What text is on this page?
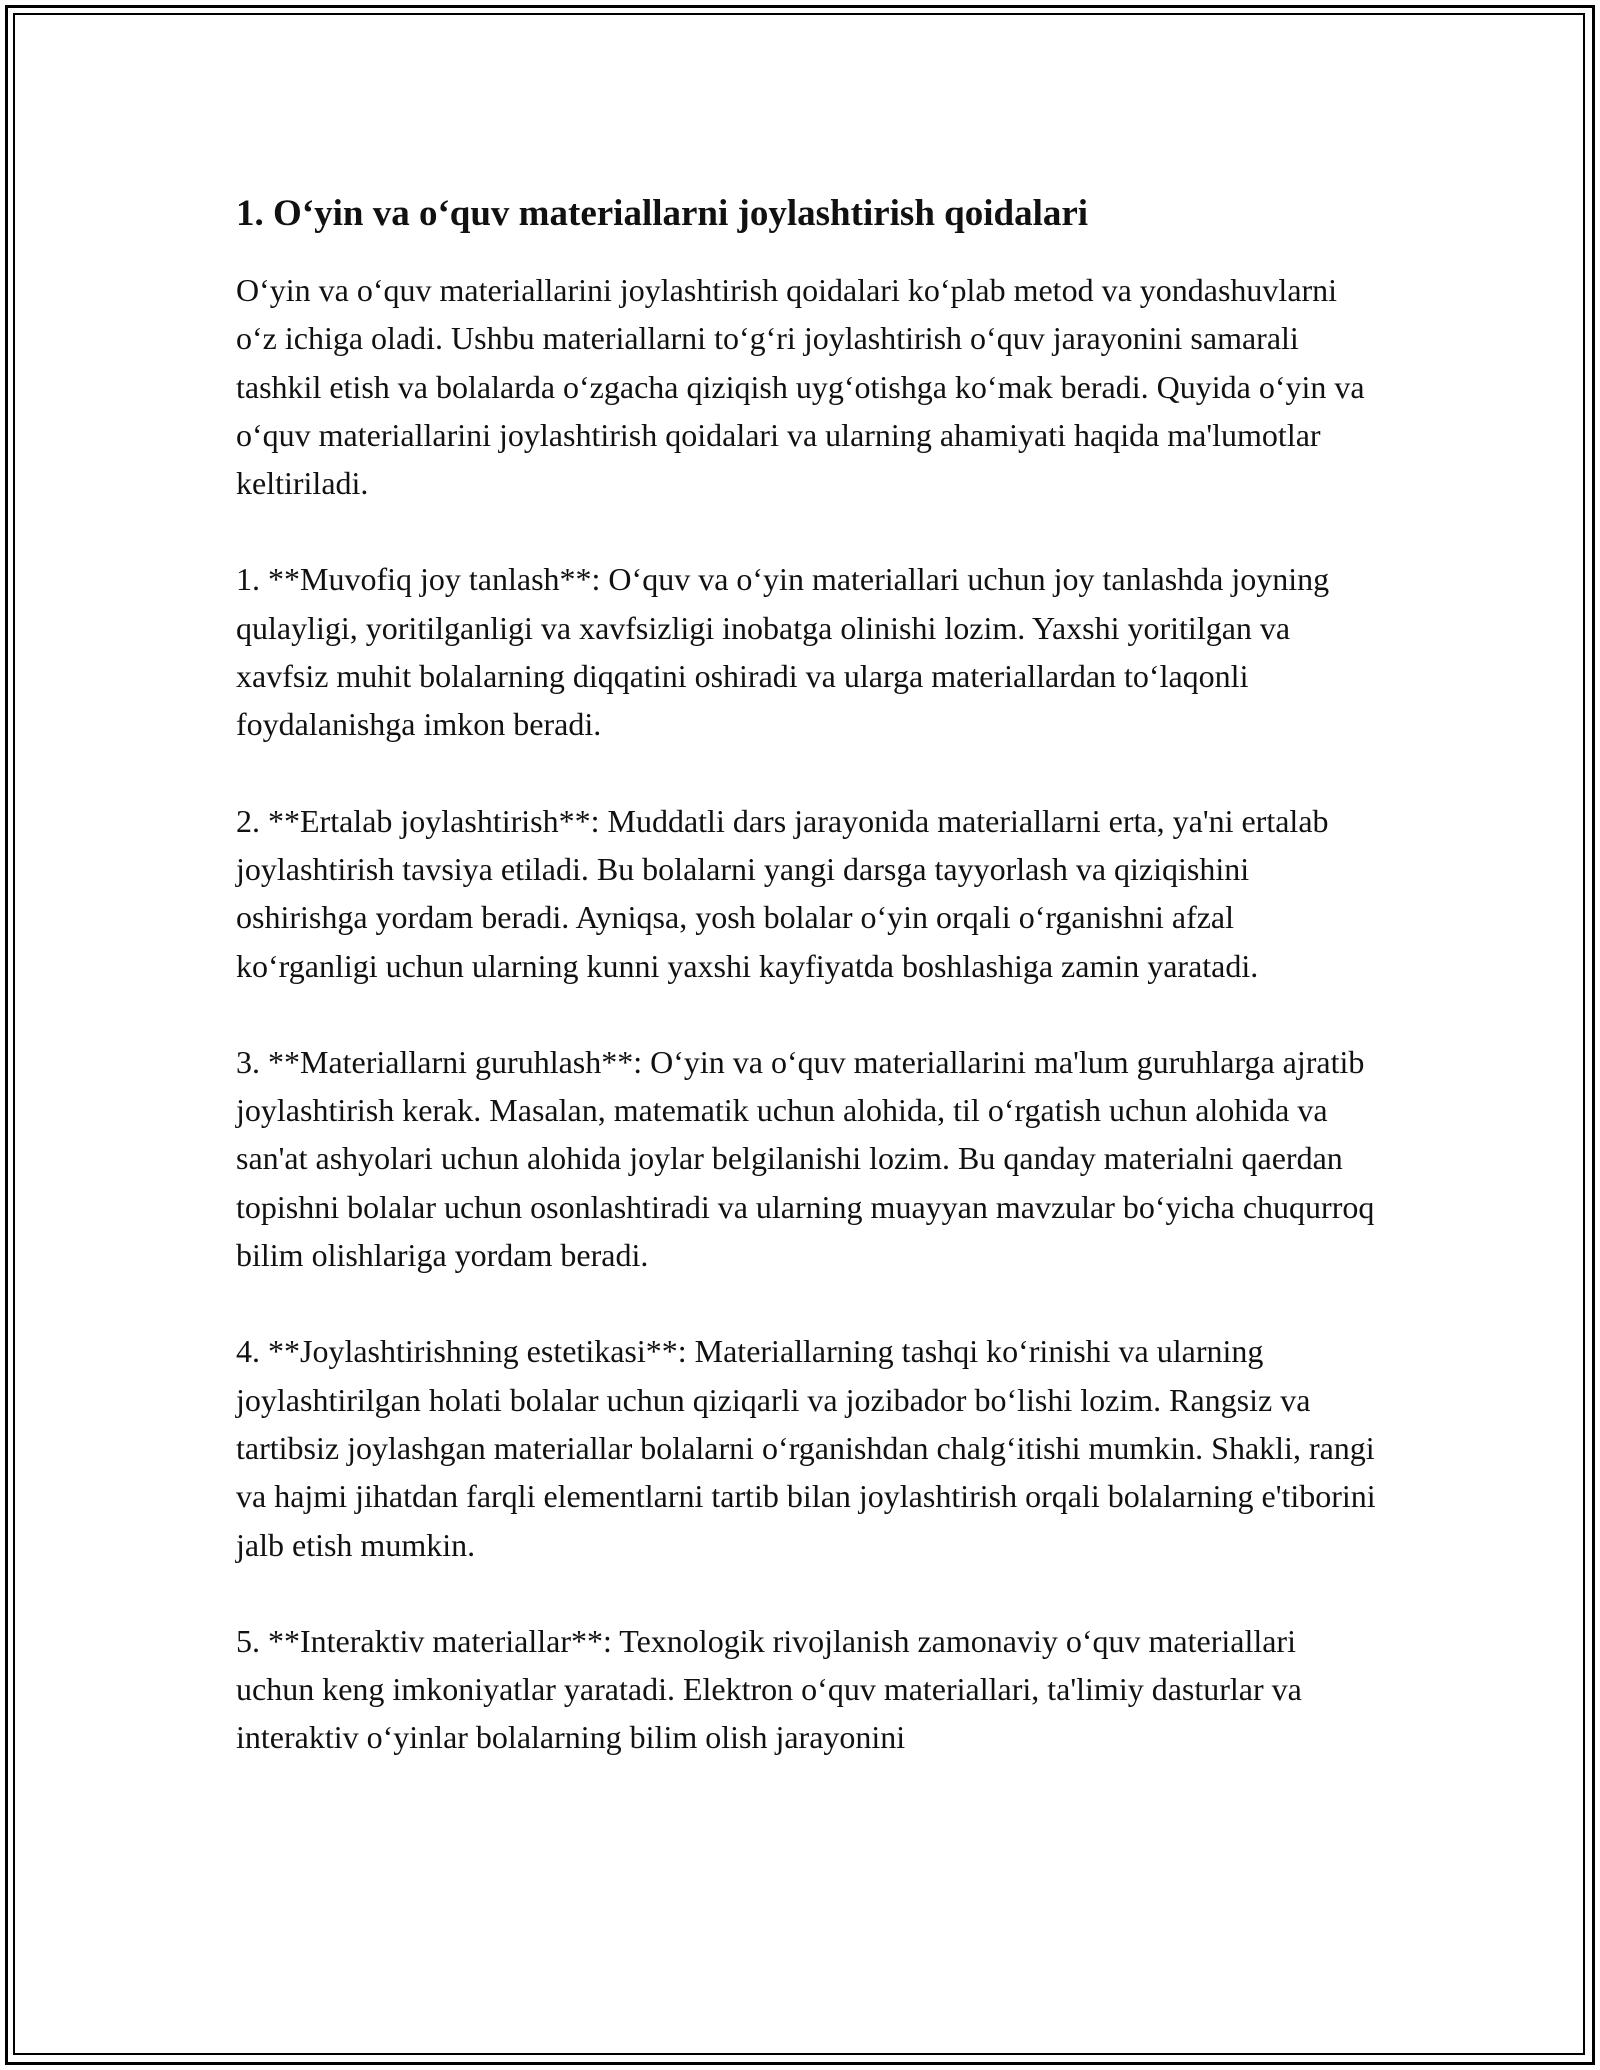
1. O‘yin va o‘quv materiallarni joylashtirish qoidalari

O‘yin va o‘quv materiallarini joylashtirish qoidalari ko‘plab metod va yondashuvlarni o‘z ichiga oladi. Ushbu materiallarni to‘g‘ri joylashtirish o‘quv jarayonini samarali tashkil etish va bolalarda o‘zgacha qiziqish uyg‘otishga ko‘mak beradi. Quyida o‘yin va o‘quv materiallarini joylashtirish qoidalari va ularning ahamiyati haqida ma'lumotlar keltiriladi.

1. **Muvofiq joy tanlash**: O‘quv va o‘yin materiallari uchun joy tanlashda joyning qulayligi, yoritilganligi va xavfsizligi inobatga olinishi lozim. Yaxshi yoritilgan va xavfsiz muhit bolalarning diqqatini oshiradi va ularga materiallardan to‘laqonli foydalanishga imkon beradi.

2. **Ertalab joylashtirish**: Muddatli dars jarayonida materiallarni erta, ya'ni ertalab joylashtirish tavsiya etiladi. Bu bolalarni yangi darsga tayyorlash va qiziqishini oshirishga yordam beradi. Ayniqsa, yosh bolalar o‘yin orqali o‘rganishni afzal ko‘rganligi uchun ularning kunni yaxshi kayfiyatda boshlashiga zamin yaratadi.

3. **Materiallarni guruhlash**: O‘yin va o‘quv materiallarini ma'lum guruhlarga ajratib joylashtirish kerak. Masalan, matematik uchun alohida, til o‘rgatish uchun alohida va san'at ashyolari uchun alohida joylar belgilanishi lozim. Bu qanday materialni qaerdan topishni bolalar uchun osonlashtiradi va ularning muayyan mavzular bo‘yicha chuqurroq bilim olishlariga yordam beradi.

4. **Joylashtirishning estetikasi**: Materiallarning tashqi ko‘rinishi va ularning joylashtirilgan holati bolalar uchun qiziqarli va jozibador bo‘lishi lozim. Rangsiz va tartibsiz joylashgan materiallar bolalarni o‘rganishdan chalg‘itishi mumkin. Shakli, rangi va hajmi jihatdan farqli elementlarni tartib bilan joylashtirish orqali bolalarning e'tiborini jalb etish mumkin.

5. **Interaktiv materiallar**: Texnologik rivojlanish zamonaviy o‘quv materiallari uchun keng imkoniyatlar yaratadi. Elektron o‘quv materiallari, ta'limiy dasturlar va interaktiv o‘yinlar bolalarning bilim olish jarayonini
